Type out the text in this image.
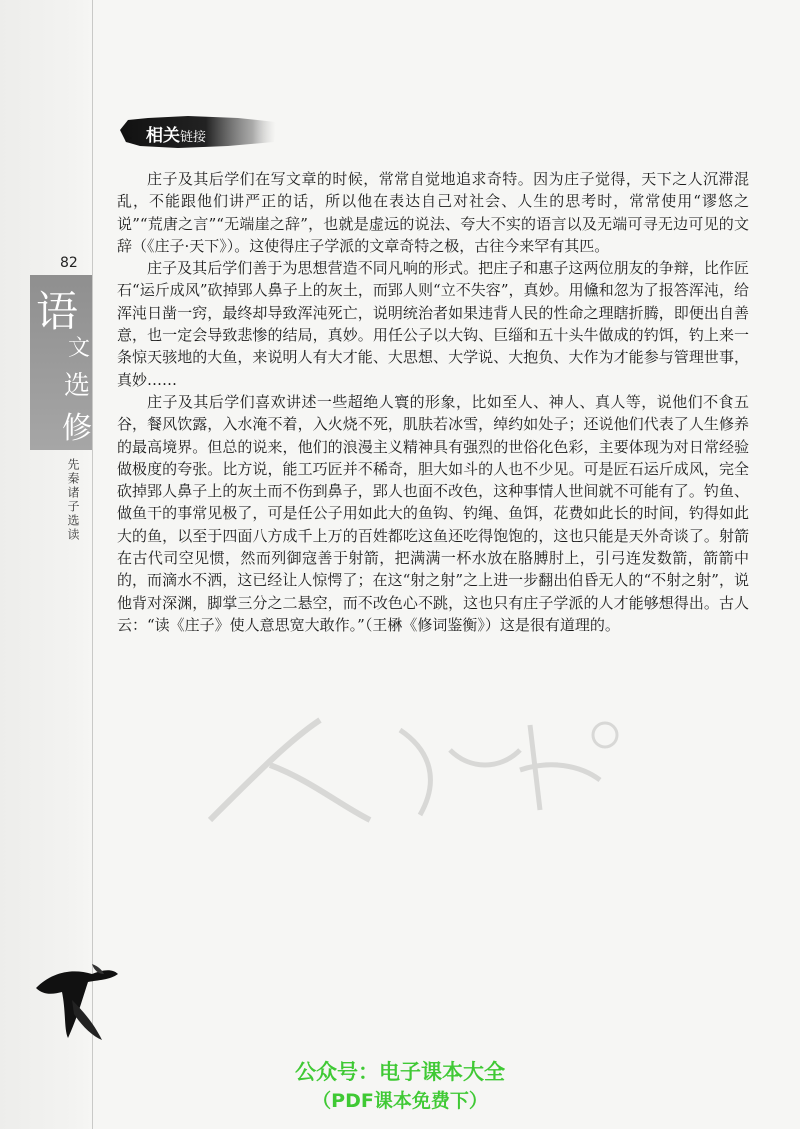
82
语
文
选
修
先秦诸子选读
相关链接

庄子及其后学们在写文章的时候，常常自觉地追求奇特。因为庄子觉得，天下之人沉滞混乱，不能跟他们讲严正的话，所以他在表达自己对社会、人生的思考时，常常使用“谬悠之说”“荒唐之言”“无端崖之辞”，也就是虚远的说法、夸大不实的语言以及无端可寻无边可见的文辞（《庄子·天下》）。这使得庄子学派的文章奇特之极，古往今来罕有其匹。

庄子及其后学们善于为思想营造不同凡响的形式。把庄子和惠子这两位朋友的争辩，比作匠石“运斤成风”砍掉郢人鼻子上的灰土，而郢人则“立不失容”，真妙。用儵和忽为了报答浑沌，给浑沌日凿一窍，最终却导致浑沌死亡，说明统治者如果违背人民的性命之理瞎折腾，即便出自善意，也一定会导致悲惨的结局，真妙。用任公子以大钩、巨缁和五十头牛做成的钓饵，钓上来一条惊天骇地的大鱼，来说明人有大才能、大思想、大学说、大抱负、大作为才能参与管理世事，真妙……

庄子及其后学们喜欢讲述一些超绝人寰的形象，比如至人、神人、真人等，说他们不食五谷，餐风饮露，入水淹不着，入火烧不死，肌肤若冰雪，绰约如处子；还说他们代表了人生修养的最高境界。但总的说来，他们的浪漫主义精神具有强烈的世俗化色彩，主要体现为对日常经验做极度的夸张。比方说，能工巧匠并不稀奇，胆大如斗的人也不少见。可是匠石运斤成风，完全砍掉郢人鼻子上的灰土而不伤到鼻子，郢人也面不改色，这种事情人世间就不可能有了。钓鱼、做鱼干的事常见极了，可是任公子用如此大的鱼钩、钓绳、鱼饵，花费如此长的时间，钓得如此大的鱼，以至于四面八方成千上万的百姓都吃这鱼还吃得饱饱的，这也只能是天外奇谈了。射箭在古代司空见惯，然而列御寇善于射箭，把满满一杯水放在胳膊肘上，引弓连发数箭，箭箭中的，而滴水不洒，这已经让人惊愕了；在这“射之射”之上进一步翻出伯昏无人的“不射之射”，说他背对深渊，脚掌三分之二悬空，而不改色心不跳，这也只有庄子学派的人才能够想得出。古人云：“读《庄子》使人意思宽大敢作。”（王楙《修词鉴衡》）这是很有道理的。

公众号：电子课本大全
（PDF课本免费下）
